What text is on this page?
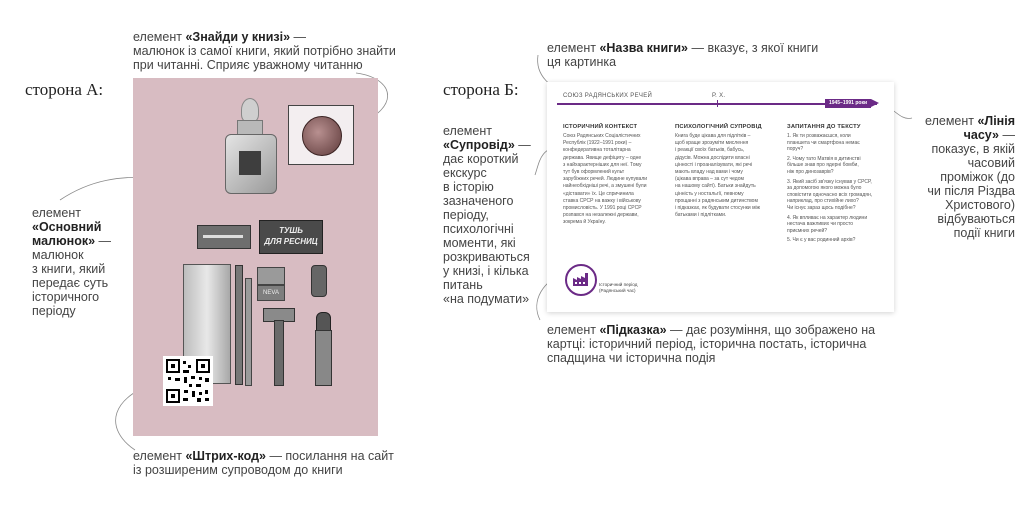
сторона А:
елемент «Знайди у книзі» —
малюнок із самої книги, який потрібно знайти
при читанні. Сприяє уважному читанню
елемент
«Основний
малюнок» —
малюнок
з книги, який
передає суть
історичного
періоду
елемент «Штрих-код» — посилання на сайт
із розширеним супроводом до книги
ТУШЬ
ДЛЯ РЕСНИЦ
NEVA
сторона Б:
елемент «Назва книги» — вказує, з якої книги
ця картинка
елемент
«Супровід» —
дає короткий
екскурс
в історію
зазначеного
періоду,
психологічні
моменти, які
розкриваються
у книзі, і кілька
питань
«на подумати»
елемент «Лінія
часу» —
показує, в якій
часовий
проміжок (до
чи після Різдва
Христового)
відбуваються
події книги
елемент «Підказка» — дає розуміння, що зображено на
картці: історичний період, історична постать, історична
спадщина чи історична подія
СОЮЗ РАДЯНСЬКИХ РЕЧЕЙ	Р. Х.
1945–1991 роки
ІСТОРИЧНИЙ КОНТЕКСТ
Союз Радянських Соціалістичних
Республік (1922–1991 роки) –
конфедеративна тоталітарна
держава. Явище дефіциту – одне
з найхарактерніших для неї. Тому
тут був оформлений культ
зарубіжних речей. Людине купували
найнеобхідніші речі, а змушені були
«діставати» їх. Це спричинила
ставка СРСР на важку і військову
промисловість. У 1991 році СРСР
розпався на незалежні держави,
зокрема й Україну.
ПСИХОЛОГІЧНИЙ СУПРОВІД
Книга буде цікава для підлітків –
щоб краще зрозуміти мислення
і реакції своїх батьків, бабусь,
дідусів. Можна дослідити власні
цінності і проаналізувати, які речі
мають владу над вами і чому
(цікава вправа – за сут чедом
на нашому сайті). Батьки знайдуть
цінність у ностальгії, певному
прощанні з радянським дитинством
і підказках, як будувати стосунки між
батьками і підлітками.
ЗАПИТАННЯ ДО ТЕКСТУ
1. Як ти розважаєшся, коли
планшета чи смартфона немає
поруч?
2. Чому тато Матвія в дитинстві
більше знав про ядерні бомби,
ніж про динозаврів?
3. Який засіб зв'язку існував у СРСР,
за допомогою якого можна було
сповістити одночасно всіх громадян,
наприклад, про стихійне лихо?
Чи існує зараз щось подібне?
4. Як впливає на характер людини
нестача важливих чи просто
приємних речей?
5. Чи є у вас родинний архів?
Історичний період
(Радянський час)
